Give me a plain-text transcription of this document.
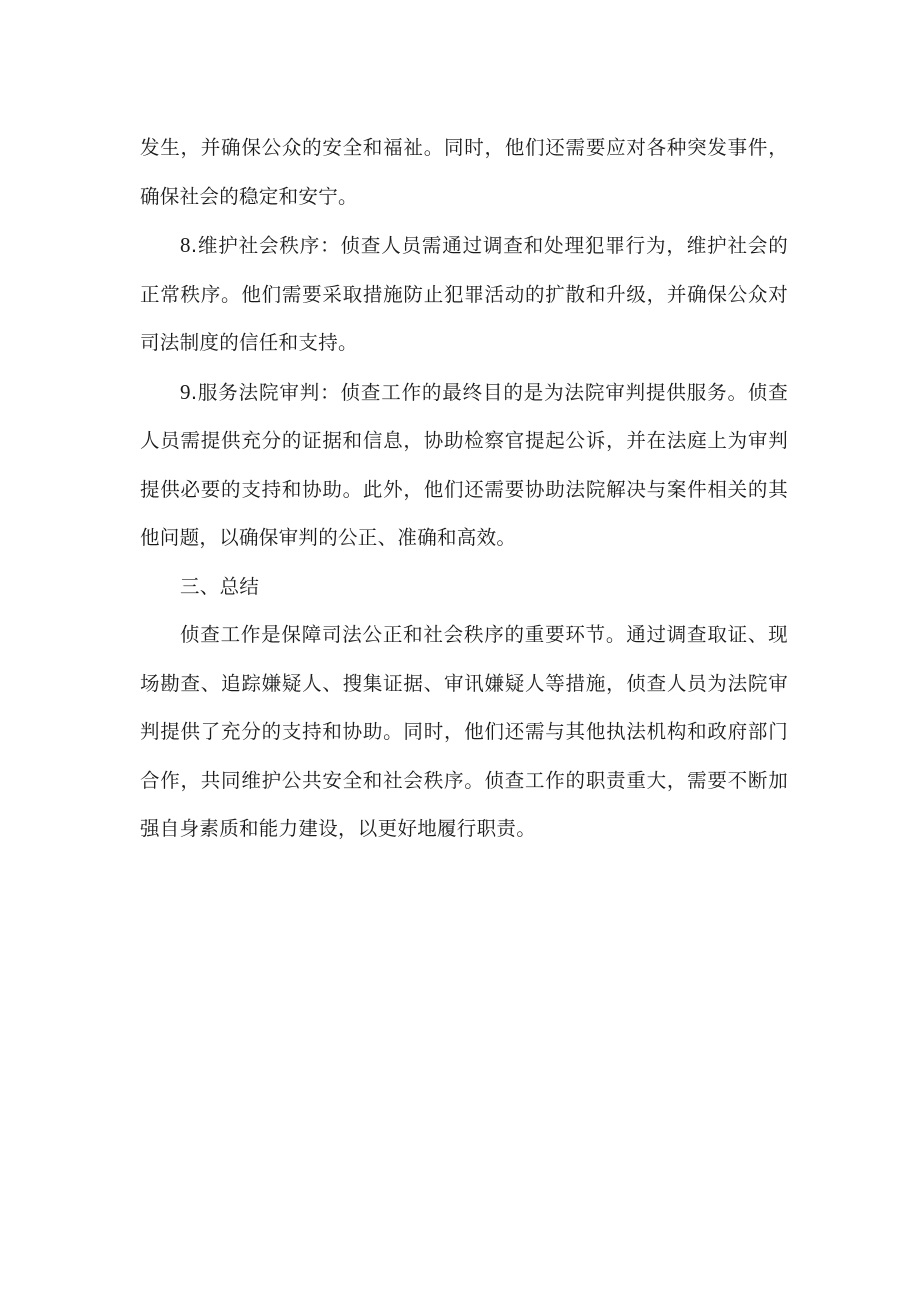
发生，并确保公众的安全和福祉。同时，他们还需要应对各种突发事件，确保社会的稳定和安宁。

8.维护社会秩序：侦查人员需通过调查和处理犯罪行为，维护社会的正常秩序。他们需要采取措施防止犯罪活动的扩散和升级，并确保公众对司法制度的信任和支持。

9.服务法院审判：侦查工作的最终目的是为法院审判提供服务。侦查人员需提供充分的证据和信息，协助检察官提起公诉，并在法庭上为审判提供必要的支持和协助。此外，他们还需要协助法院解决与案件相关的其他问题，以确保审判的公正、准确和高效。

三、总结

侦查工作是保障司法公正和社会秩序的重要环节。通过调查取证、现场勘查、追踪嫌疑人、搜集证据、审讯嫌疑人等措施，侦查人员为法院审判提供了充分的支持和协助。同时，他们还需与其他执法机构和政府部门合作，共同维护公共安全和社会秩序。侦查工作的职责重大，需要不断加强自身素质和能力建设，以更好地履行职责。
